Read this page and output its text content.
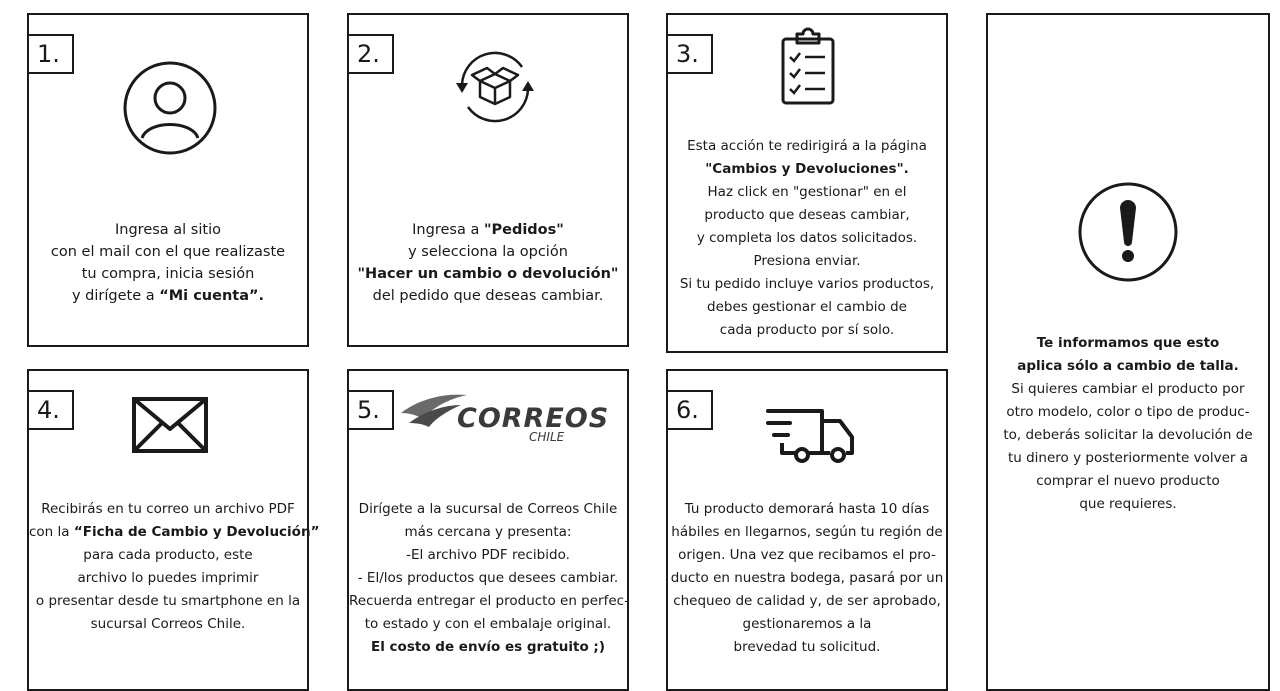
1.
Ingresa al sitio
con el mail con el que realizaste
tu compra, inicia sesión
y dirígete a “Mi cuenta”.
2.
Ingresa a "Pedidos"
y selecciona la opción
"Hacer un cambio o devolución"
del pedido que deseas cambiar.
3.
Esta acción te redirigirá a la página
"Cambios y Devoluciones".
Haz click en "gestionar" en el
producto que deseas cambiar,
y completa los datos solicitados.
Presiona enviar.
Si tu pedido incluye varios productos,
debes gestionar el cambio de
cada producto por sí solo.
4.
Recibirás en tu correo un archivo PDF
con la “Ficha de Cambio y Devolución”
para cada producto, este
archivo lo puedes imprimir
o presentar desde tu smartphone en la
sucursal Correos Chile.
5.	CORREOS
CHILE
Dirígete a la sucursal de Correos Chile
más cercana y presenta:
-El archivo PDF recibido.
- El/los productos que desees cambiar.
Recuerda entregar el producto en perfec-
to estado y con el embalaje original.
El costo de envío es gratuito ;)
6.
Tu producto demorará hasta 10 días
hábiles en llegarnos, según tu región de
origen. Una vez que recibamos el pro-
ducto en nuestra bodega, pasará por un
chequeo de calidad y, de ser aprobado,
gestionaremos a la
brevedad tu solicitud.
Te informamos que esto
aplica sólo a cambio de talla.
Si quieres cambiar el producto por
otro modelo, color o tipo de produc-
to, deberás solicitar la devolución de
tu dinero y posteriormente volver a
comprar el nuevo producto
que requieres.
